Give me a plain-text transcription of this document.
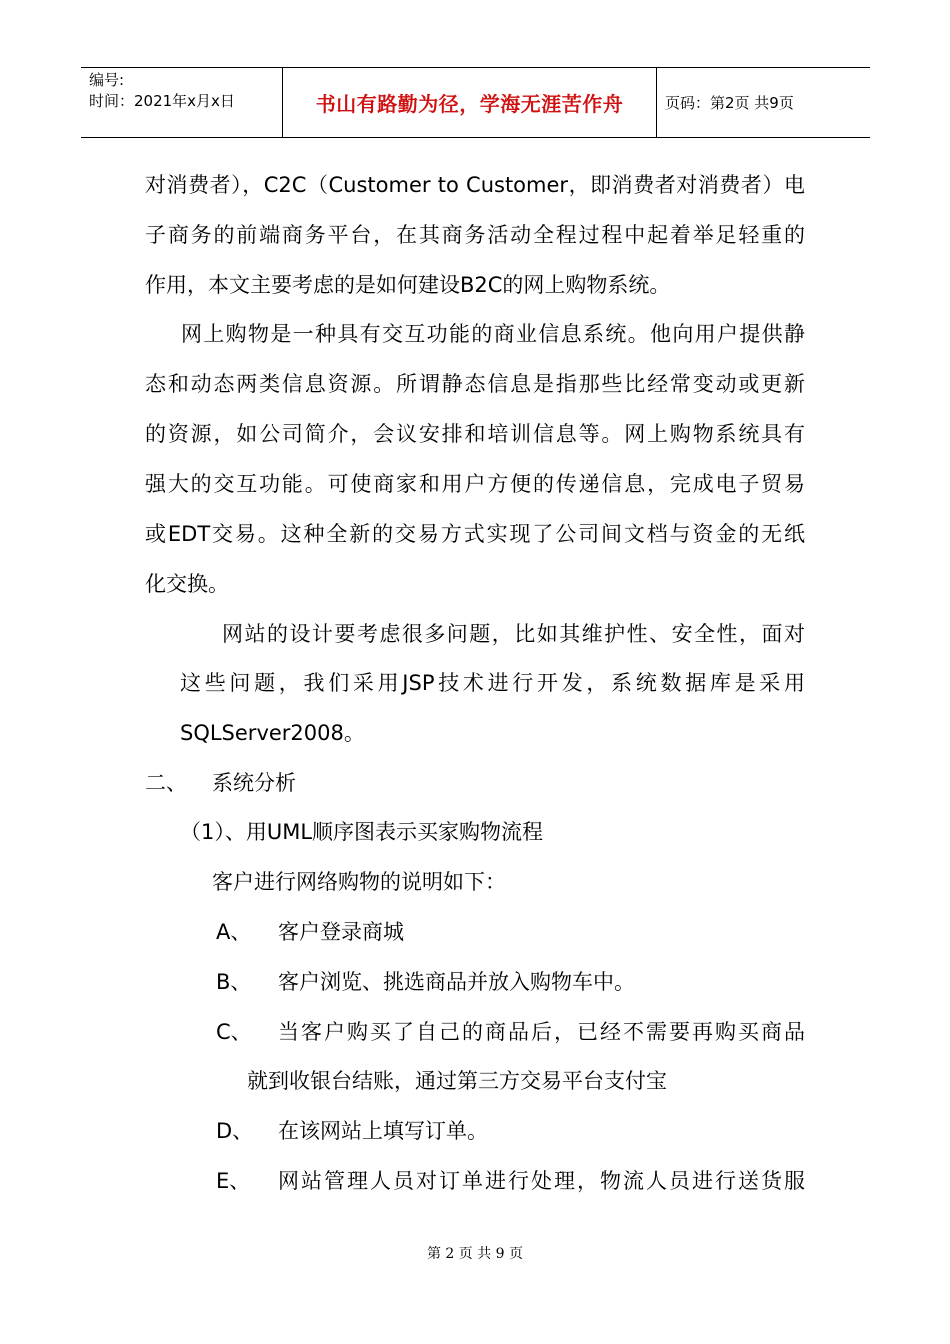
编号:
时间：2021年x月x日	书山有路勤为径，学海无涯苦作舟	页码：第2页 共9页
对消费者），C2C（Customer to Customer，即消费者对消费者）电
子商务的前端商务平台，在其商务活动全程过程中起着举足轻重的
作用，本文主要考虑的是如何建设B2C的网上购物系统。
网上购物是一种具有交互功能的商业信息系统。他向用户提供静
态和动态两类信息资源。所谓静态信息是指那些比经常变动或更新
的资源，如公司简介，会议安排和培训信息等。网上购物系统具有
强大的交互功能。可使商家和用户方便的传递信息，完成电子贸易
或EDT交易。这种全新的交易方式实现了公司间文档与资金的无纸
化交换。
网站的设计要考虑很多问题，比如其维护性、安全性，面对
这些问题，我们采用JSP技术进行开发，系统数据库是采用
SQLServer2008。
二、 系统分析
（1）、用UML顺序图表示买家购物流程
客户进行网络购物的说明如下：
A、 客户登录商城
B、 客户浏览、挑选商品并放入购物车中。
C、 当客户购买了自己的商品后，已经不需要再购买商品
就到收银台结账，通过第三方交易平台支付宝
D、 在该网站上填写订单。
E、 网站管理人员对订单进行处理，物流人员进行送货服
第 2 页 共 9 页
